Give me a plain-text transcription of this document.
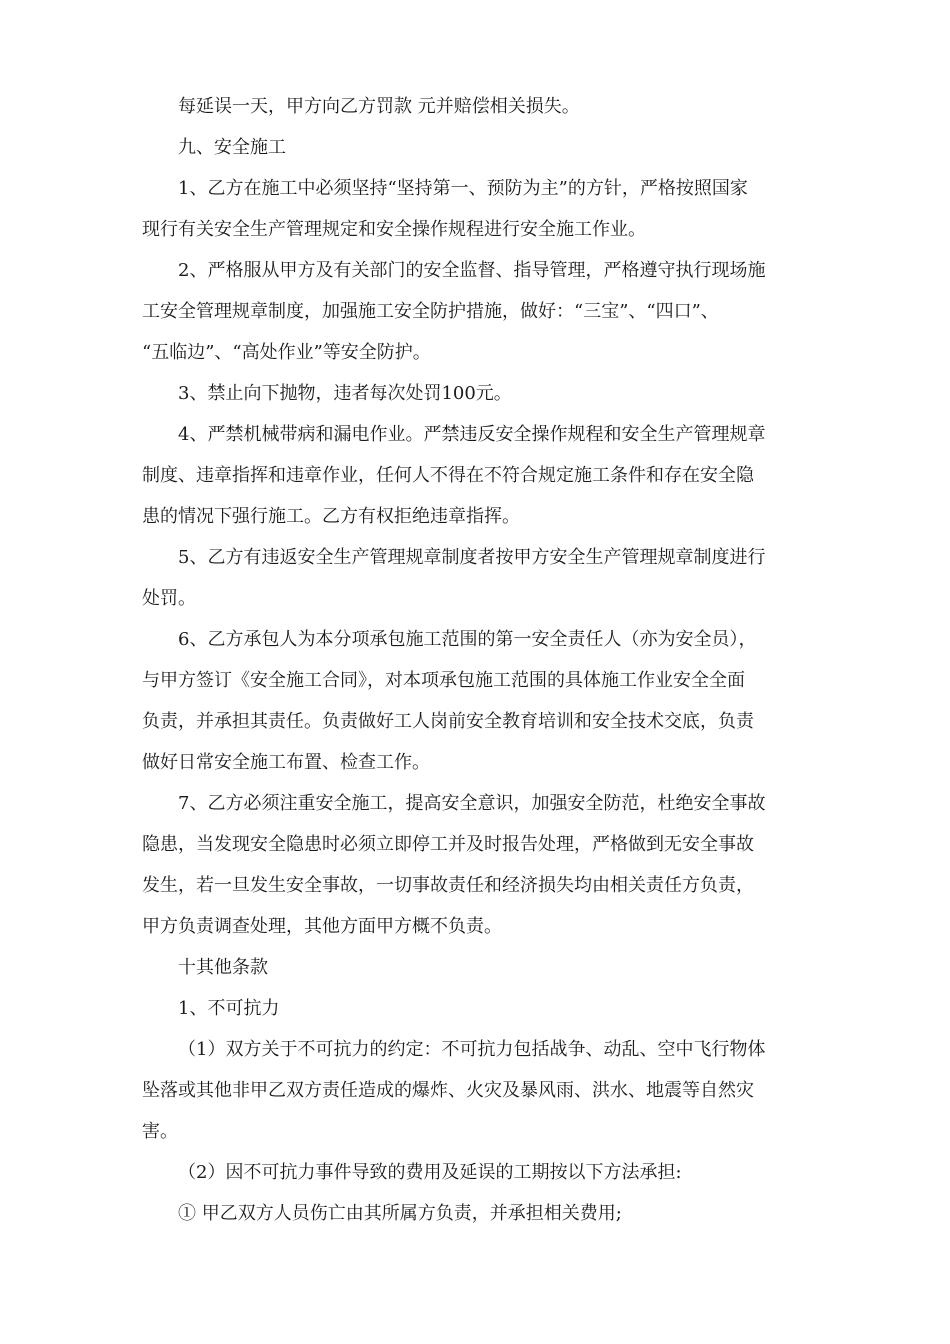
每延误一天，甲方向乙方罚款 元并赔偿相关损失。
九、安全施工
1、乙方在施工中必须坚持“坚持第一、预防为主”的方针，严格按照国家
现行有关安全生产管理规定和安全操作规程进行安全施工作业。
2、严格服从甲方及有关部门的安全监督、指导管理，严格遵守执行现场施
工安全管理规章制度，加强施工安全防护措施，做好：“三宝”、“四口”、
“五临边”、“高处作业”等安全防护。
3、禁止向下抛物，违者每次处罚100元。
4、严禁机械带病和漏电作业。严禁违反安全操作规程和安全生产管理规章
制度、违章指挥和违章作业，任何人不得在不符合规定施工条件和存在安全隐
患的情况下强行施工。乙方有权拒绝违章指挥。
5、乙方有违返安全生产管理规章制度者按甲方安全生产管理规章制度进行
处罚。
6、乙方承包人为本分项承包施工范围的第一安全责任人（亦为安全员），
与甲方签订《安全施工合同》，对本项承包施工范围的具体施工作业安全全面
负责，并承担其责任。负责做好工人岗前安全教育培训和安全技术交底，负责
做好日常安全施工布置、检查工作。
7、乙方必须注重安全施工，提高安全意识，加强安全防范，杜绝安全事故
隐患，当发现安全隐患时必须立即停工并及时报告处理，严格做到无安全事故
发生，若一旦发生安全事故，一切事故责任和经济损失均由相关责任方负责，
甲方负责调查处理，其他方面甲方概不负责。
十其他条款
1、不可抗力
（1）双方关于不可抗力的约定：不可抗力包括战争、动乱、空中飞行物体
坠落或其他非甲乙双方责任造成的爆炸、火灾及暴风雨、洪水、地震等自然灾
害。
（2）因不可抗力事件导致的费用及延误的工期按以下方法承担:
① 甲乙双方人员伤亡由其所属方负责，并承担相关费用;
